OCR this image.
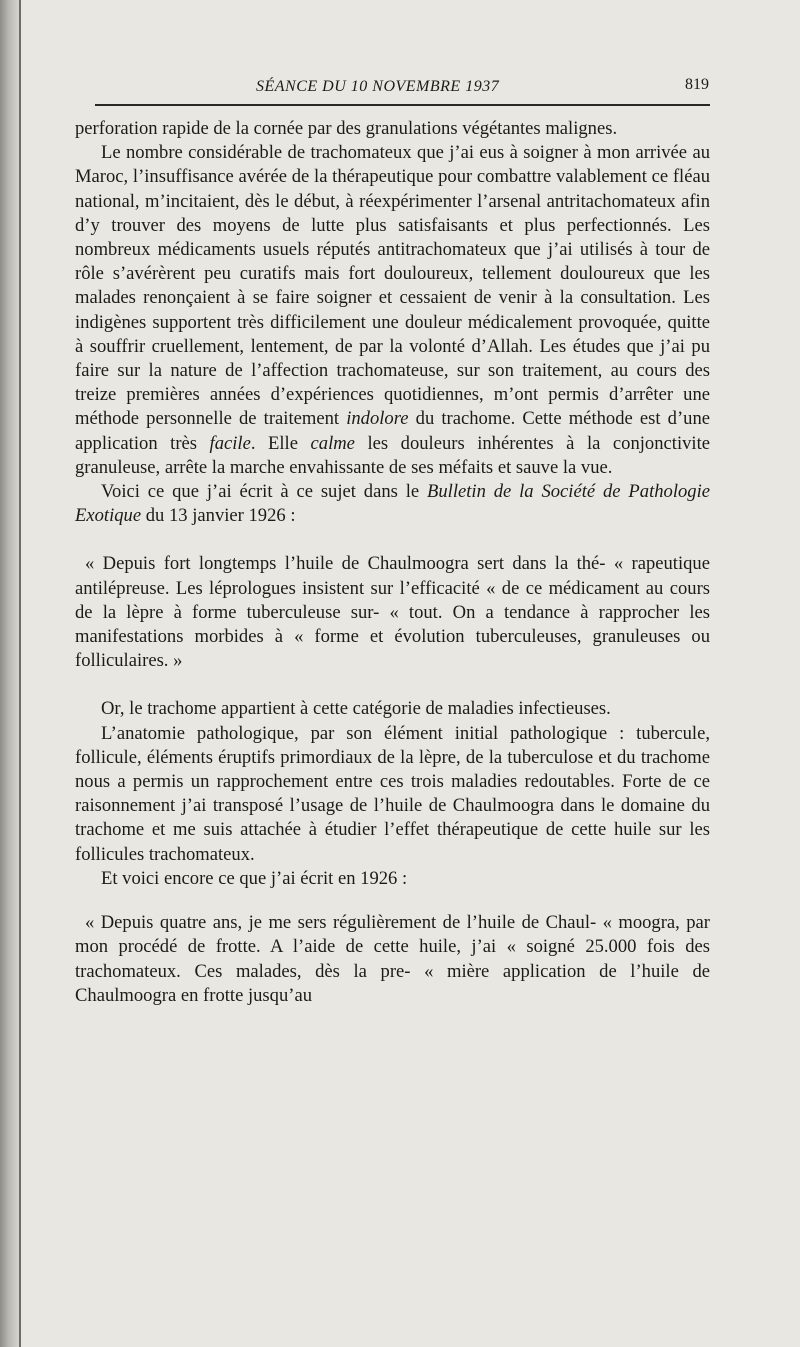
SÉANCE DU 10 NOVEMBRE 1937	819

perforation rapide de la cornée par des granulations végétantes malignes.

Le nombre considérable de trachomateux que j’ai eus à soigner à mon arrivée au Maroc, l’insuffisance avérée de la thérapeutique pour combattre valablement ce fléau national, m’incitaient, dès le début, à réexpérimenter l’arsenal antritachomateux afin d’y trouver des moyens de lutte plus satisfaisants et plus perfectionnés. Les nombreux médicaments usuels réputés antitrachomateux que j’ai utilisés à tour de rôle s’avérèrent peu curatifs mais fort douloureux, tellement douloureux que les malades renonçaient à se faire soigner et cessaient de venir à la consultation. Les indigènes supportent très difficilement une douleur médicalement provoquée, quitte à souffrir cruellement, lentement, de par la volonté d’Allah. Les études que j’ai pu faire sur la nature de l’affection trachomateuse, sur son traitement, au cours des treize premières années d’expériences quotidiennes, m’ont permis d’arrêter une méthode personnelle de traitement indolore du trachome. Cette méthode est d’une application très facile. Elle calme les douleurs inhérentes à la conjonctivite granuleuse, arrête la marche envahissante de ses méfaits et sauve la vue.

Voici ce que j’ai écrit à ce sujet dans le Bulletin de la Société de Pathologie Exotique du 13 janvier 1926 :

« Depuis fort longtemps l’huile de Chaulmoogra sert dans la thé- « rapeutique antilépreuse. Les léprologues insistent sur l’efficacité « de ce médicament au cours de la lèpre à forme tuberculeuse sur- « tout. On a tendance à rapprocher les manifestations morbides à « forme et évolution tuberculeuses, granuleuses ou folliculaires. »

Or, le trachome appartient à cette catégorie de maladies infectieuses.

L’anatomie pathologique, par son élément initial pathologique : tubercule, follicule, éléments éruptifs primordiaux de la lèpre, de la tuberculose et du trachome nous a permis un rapprochement entre ces trois maladies redoutables. Forte de ce raisonnement j’ai transposé l’usage de l’huile de Chaulmoogra dans le domaine du trachome et me suis attachée à étudier l’effet thérapeutique de cette huile sur les follicules trachomateux.

Et voici encore ce que j’ai écrit en 1926 :

« Depuis quatre ans, je me sers régulièrement de l’huile de Chaul- « moogra, par mon procédé de frotte. A l’aide de cette huile, j’ai « soigné 25.000 fois des trachomateux. Ces malades, dès la pre- « mière application de l’huile de Chaulmoogra en frotte jusqu’au
